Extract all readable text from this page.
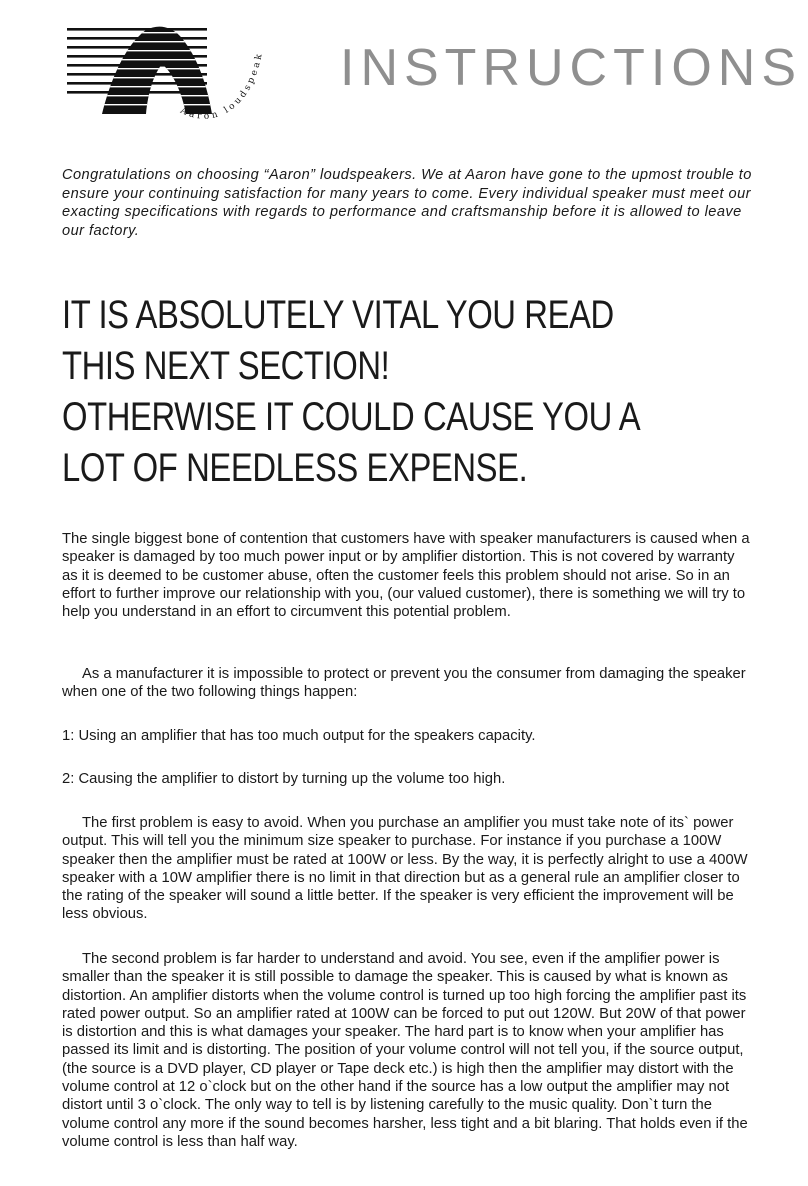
Aaron loudspeak INSTRUCTIONS
Congratulations on choosing “Aaron” loudspeakers. We at Aaron have gone to the upmost trouble to ensure your continuing satisfaction for many years to come. Every individual speaker must meet our exacting specifications with regards to performance and craftsmanship before it is allowed to leave our factory.
IT IS ABSOLUTELY VITAL YOU READ
THIS NEXT SECTION!
OTHERWISE IT COULD CAUSE YOU A
LOT OF NEEDLESS EXPENSE.
The single biggest bone of contention that customers have with speaker manufacturers is caused when a speaker is damaged by too much power input or by amplifier distortion. This is not covered by warranty as it is deemed to be customer abuse, often the customer feels this problem should not arise. So in an effort to further improve our relationship with you, (our valued customer), there is something we will try to help you understand in an effort to circumvent this potential problem.
As a manufacturer it is impossible to protect or prevent you the consumer from damaging the speaker when one of the two following things happen:
1: Using an amplifier that has too much output for the speakers capacity.
2: Causing the amplifier to distort by turning up the volume too high.
The first problem is easy to avoid. When you purchase an amplifier you must take note of its` power output. This will tell you the minimum size speaker to purchase. For instance if you purchase a 100W speaker then the amplifier must be rated at 100W or less. By the way, it is perfectly alright to use a 400W speaker with a 10W amplifier there is no limit in that direction but as a general rule an amplifier closer to the rating of the speaker will sound a little better. If the speaker is very efficient the improvement will be less obvious.
The second problem is far harder to understand and avoid. You see, even if the amplifier power is smaller than the speaker it is still possible to damage the speaker. This is caused by what is known as distortion. An amplifier distorts when the volume control is turned up too high forcing the amplifier past its rated power output. So an amplifier rated at 100W can be forced to put out 120W. But 20W of that power is distortion and this is what damages your speaker. The hard part is to know when your amplifier has passed its limit and is distorting. The position of your volume control will not tell you, if the source output, (the source is a DVD player, CD player or Tape deck etc.) is high then the amplifier may distort with the volume control at 12 o`clock but on the other hand if the source has a low output the amplifier may not distort until 3 o`clock. The only way to tell is by listening carefully to the music quality. Don`t turn the volume control any more if the sound becomes harsher, less tight and a bit blaring. That holds even if the volume control is less than half way.
